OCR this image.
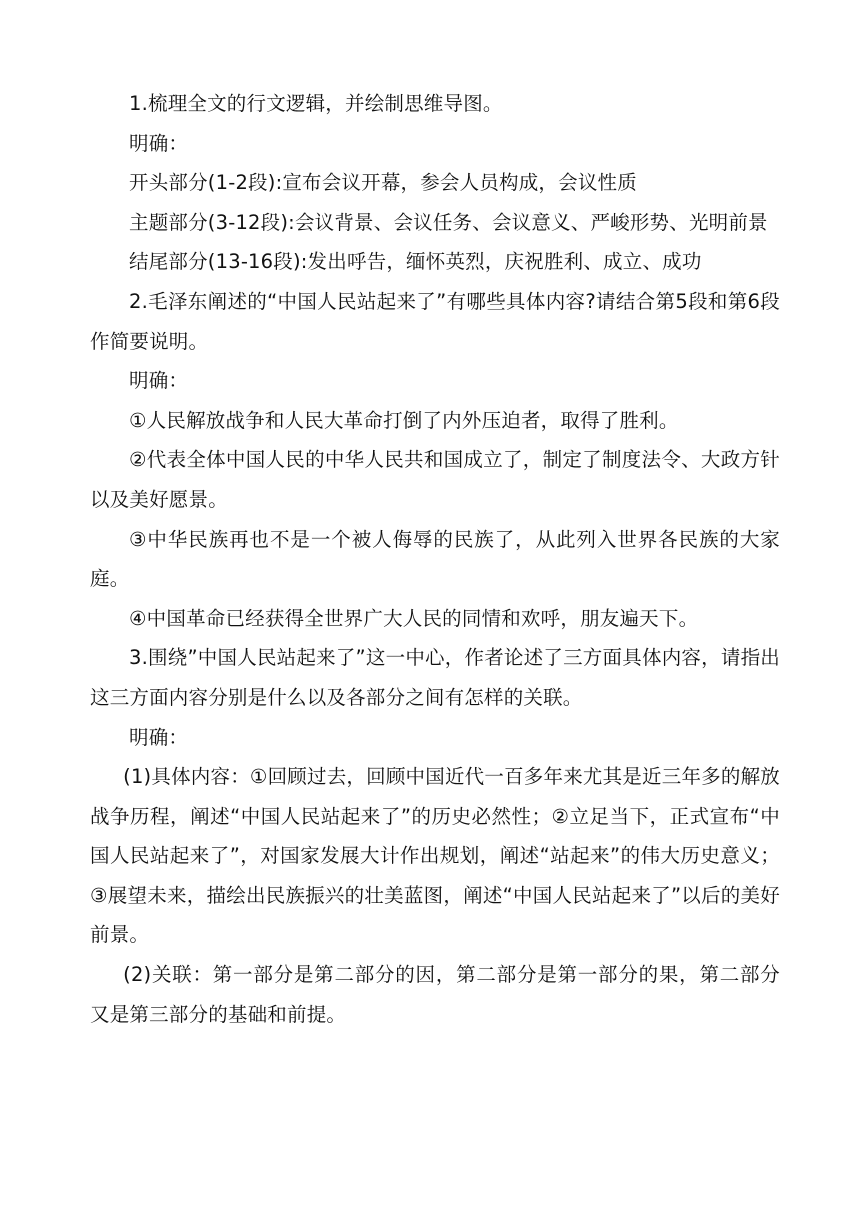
1.梳理全文的行文逻辑，并绘制思维导图。

明确：

开头部分(1-2段):宣布会议开幕，参会人员构成，会议性质

主题部分(3-12段):会议背景、会议任务、会议意义、严峻形势、光明前景

结尾部分(13-16段):发出呼告，缅怀英烈，庆祝胜利、成立、成功

2.毛泽东阐述的“中国人民站起来了”有哪些具体内容?请结合第5段和第6段作简要说明。

明确：

①人民解放战争和人民大革命打倒了内外压迫者，取得了胜利。

②代表全体中国人民的中华人民共和国成立了，制定了制度法令、大政方针以及美好愿景。

③中华民族再也不是一个被人侮辱的民族了，从此列入世界各民族的大家庭。

④中国革命已经获得全世界广大人民的同情和欢呼，朋友遍天下。

3.围绕”中国人民站起来了”这一中心，作者论述了三方面具体内容，请指出这三方面内容分别是什么以及各部分之间有怎样的关联。

明确：

(1)具体内容：①回顾过去，回顾中国近代一百多年来尤其是近三年多的解放战争历程，阐述“中国人民站起来了”的历史必然性；②立足当下，正式宣布“中国人民站起来了”，对国家发展大计作出规划，阐述“站起来”的伟大历史意义；③展望未来，描绘出民族振兴的壮美蓝图，阐述“中国人民站起来了”以后的美好前景。

(2)关联：第一部分是第二部分的因，第二部分是第一部分的果，第二部分又是第三部分的基础和前提。
